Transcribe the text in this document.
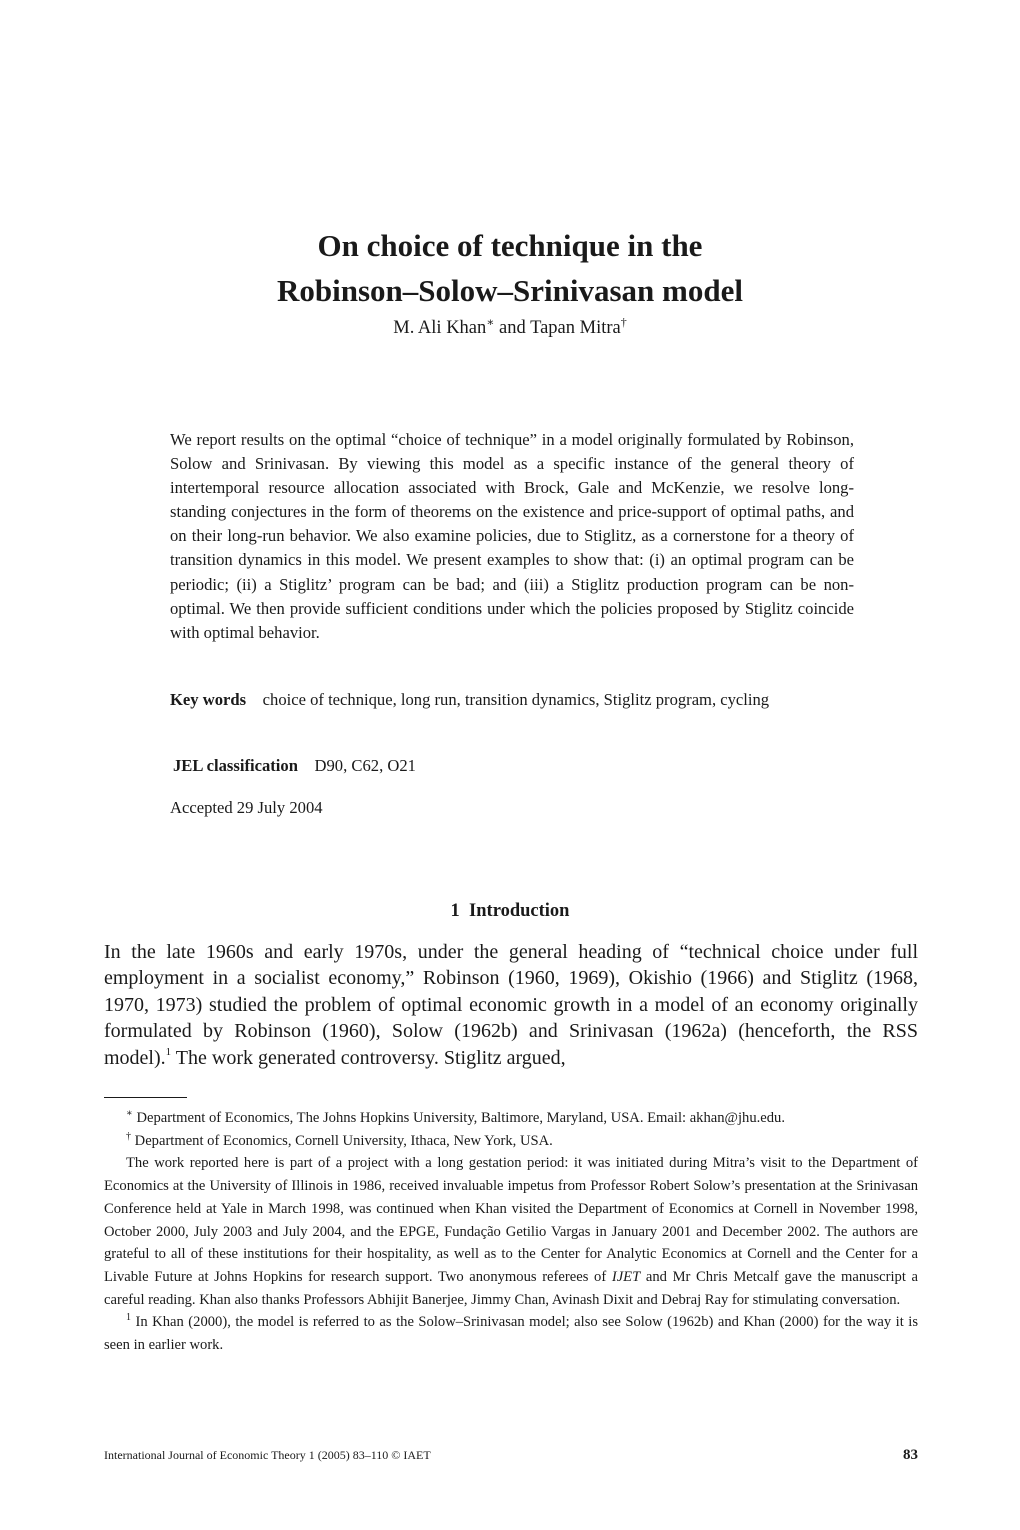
On choice of technique in the
Robinson–Solow–Srinivasan model
M. Ali Khan∗ and Tapan Mitra†

We report results on the optimal “choice of technique” in a model originally formulated by Robinson, Solow and Srinivasan. By viewing this model as a specific instance of the general theory of intertemporal resource allocation associated with Brock, Gale and McKenzie, we resolve long-standing conjectures in the form of theorems on the existence and price-support of optimal paths, and on their long-run behavior. We also examine policies, due to Stiglitz, as a cornerstone for a theory of transition dynamics in this model. We present examples to show that: (i) an optimal program can be periodic; (ii) a Stiglitz’ program can be bad; and (iii) a Stiglitz production program can be non-optimal. We then provide sufficient conditions under which the policies proposed by Stiglitz coincide with optimal behavior.

Key words choice of technique, long run, transition dynamics, Stiglitz program, cycling

JEL classification D90, C62, O21

Accepted 29 July 2004

1 Introduction

In the late 1960s and early 1970s, under the general heading of “technical choice under full employment in a socialist economy,” Robinson (1960, 1969), Okishio (1966) and Stiglitz (1968, 1970, 1973) studied the problem of optimal economic growth in a model of an economy originally formulated by Robinson (1960), Solow (1962b) and Srinivasan (1962a) (henceforth, the RSS model).$^1$ The work generated controversy. Stiglitz argued,

∗ Department of Economics, The Johns Hopkins University, Baltimore, Maryland, USA. Email: akhan@jhu.edu.

† Department of Economics, Cornell University, Ithaca, New York, USA.

The work reported here is part of a project with a long gestation period: it was initiated during Mitra’s visit to the Department of Economics at the University of Illinois in 1986, received invaluable impetus from Professor Robert Solow’s presentation at the Srinivasan Conference held at Yale in March 1998, was continued when Khan visited the Department of Economics at Cornell in November 1998, October 2000, July 2003 and July 2004, and the EPGE, Fundação Getilio Vargas in January 2001 and December 2002. The authors are grateful to all of these institutions for their hospitality, as well as to the Center for Analytic Economics at Cornell and the Center for a Livable Future at Johns Hopkins for research support. Two anonymous referees of IJET and Mr Chris Metcalf gave the manuscript a careful reading. Khan also thanks Professors Abhijit Banerjee, Jimmy Chan, Avinash Dixit and Debraj Ray for stimulating conversation.

$^1$ In Khan (2000), the model is referred to as the Solow–Srinivasan model; also see Solow (1962b) and Khan (2000) for the way it is seen in earlier work.

International Journal of Economic Theory 1 (2005) 83–110 © IAET	83
